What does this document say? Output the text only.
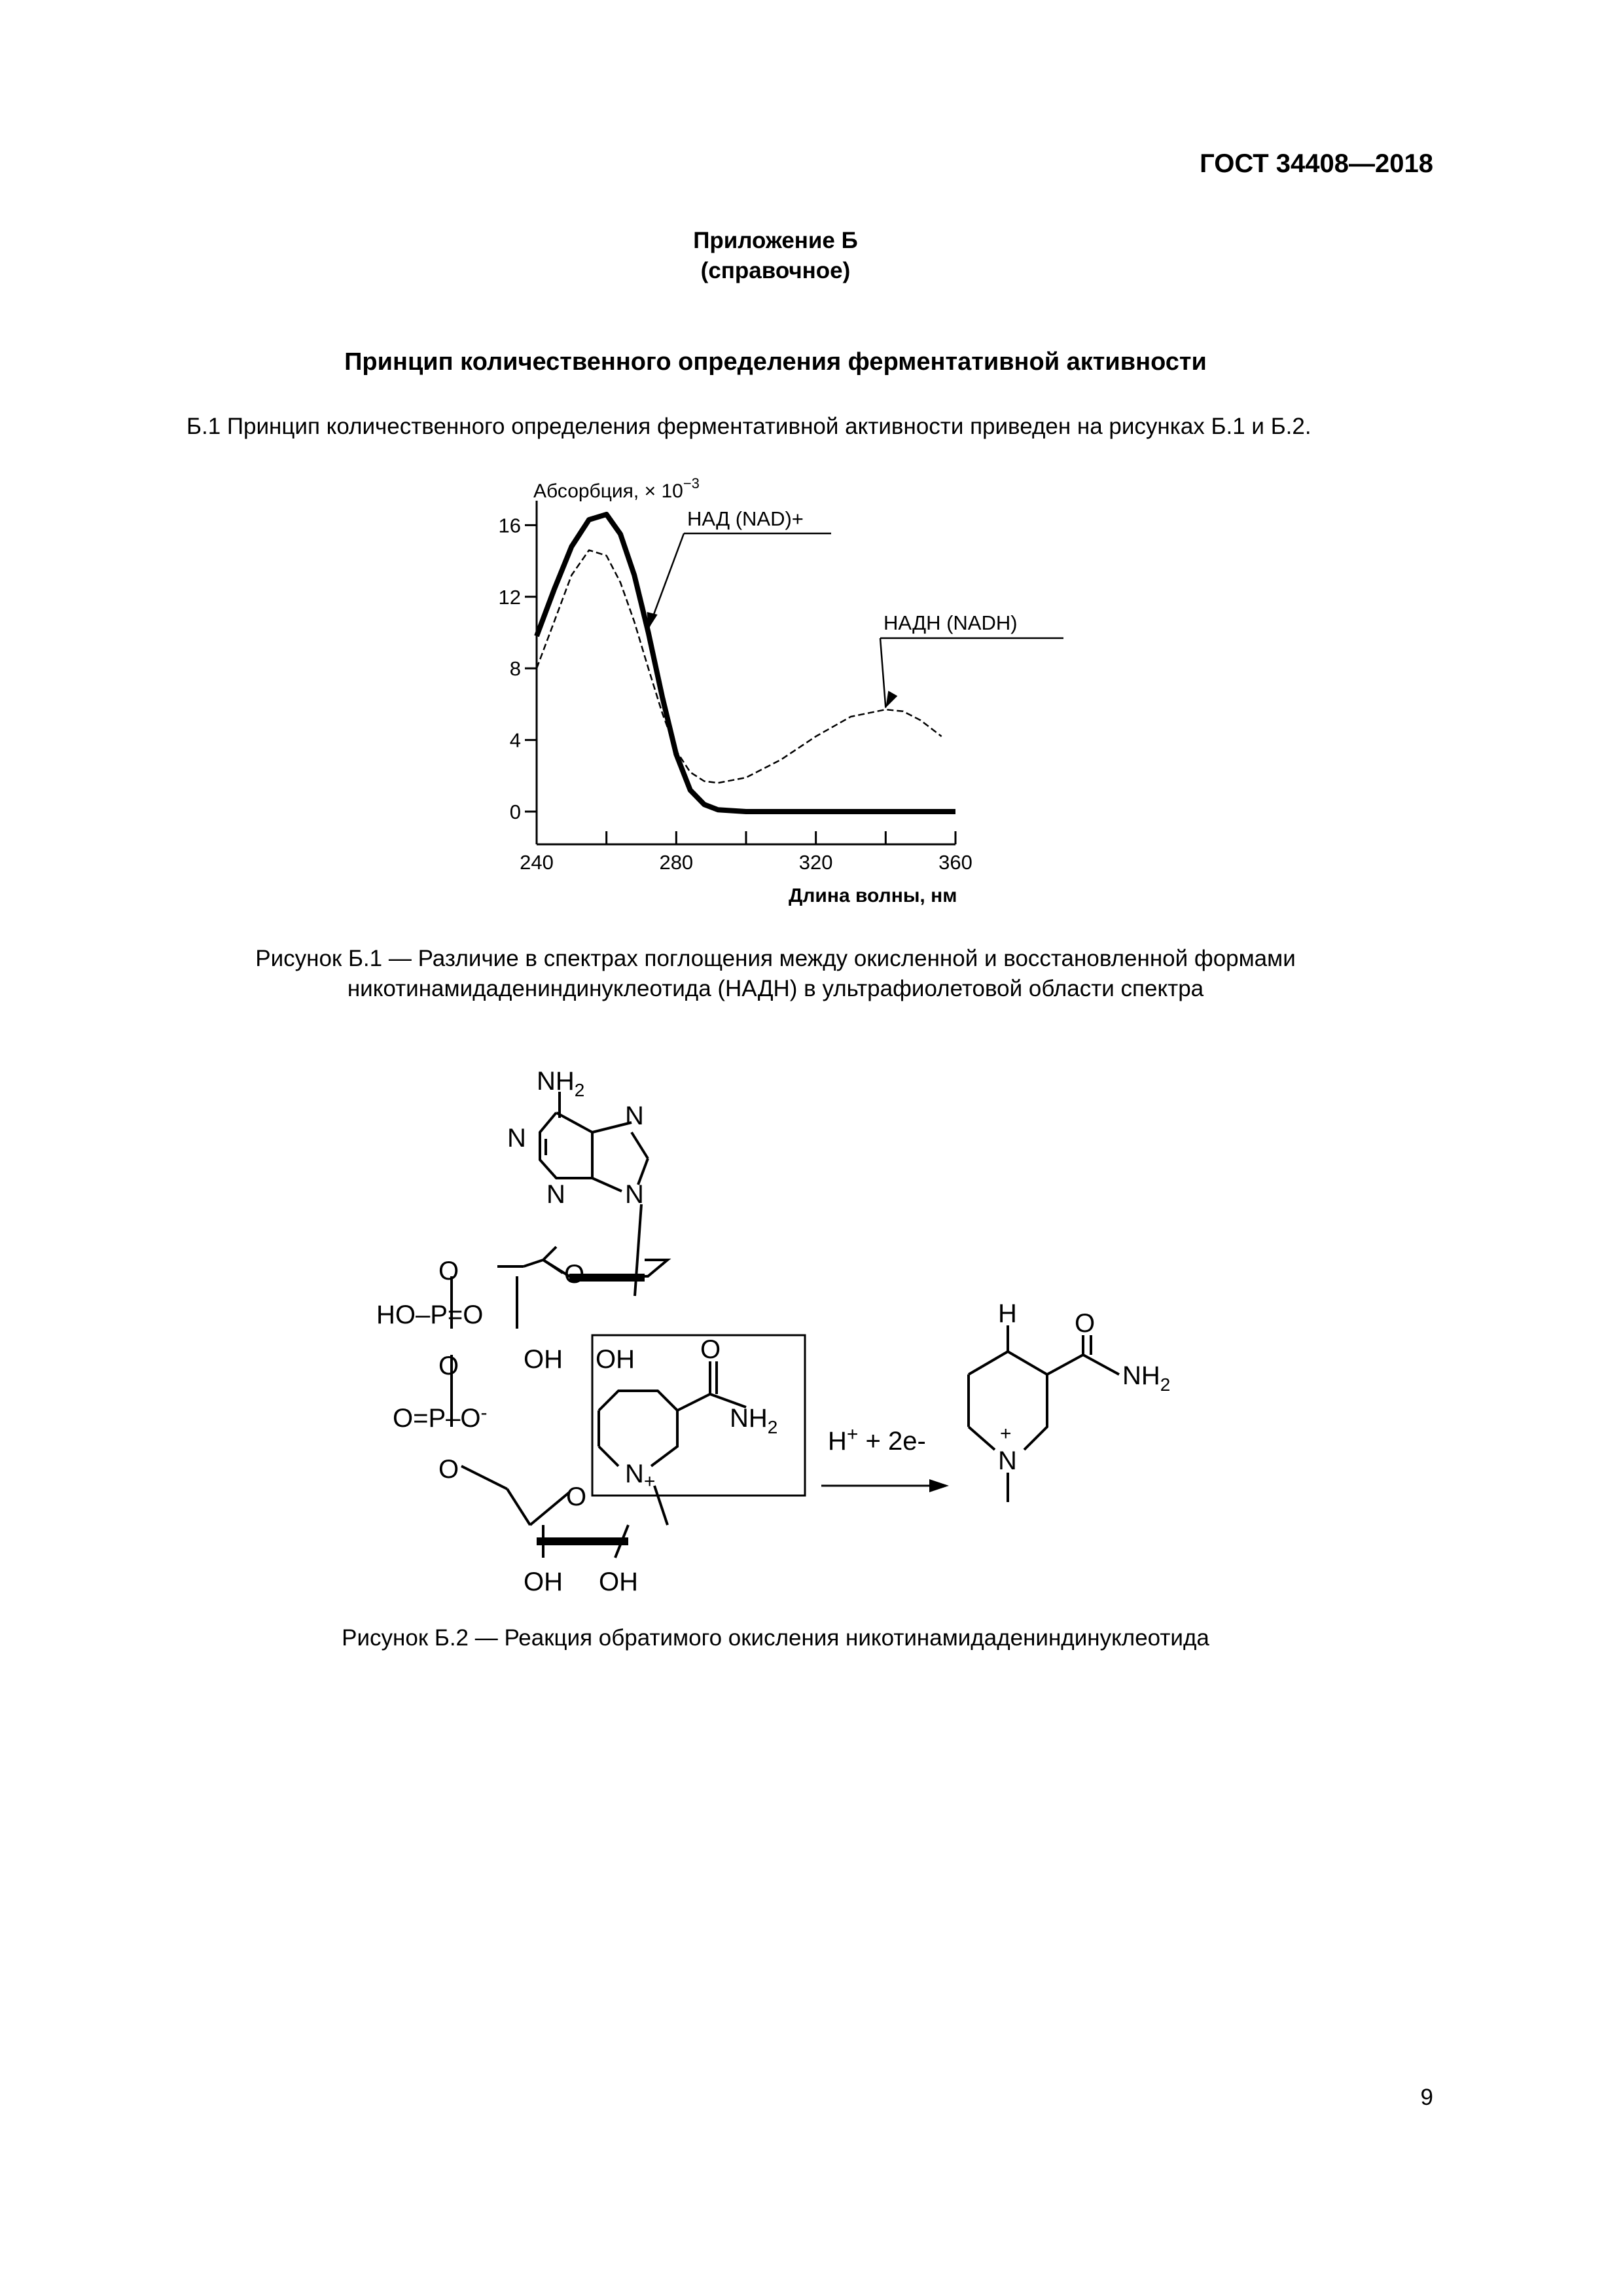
ГОСТ 34408—2018
Приложение Б
(справочное)
Принцип количественного определения ферментативной активности
Б.1 Принцип количественного определения ферментативной активности приведен на рисунках Б.1 и Б.2.
0
4
8
12
16
240	280	320	360
Абсорбция, × $10^{-3}$
Длина волны, нм
НАД (NAD)+
НАДН (NADH)
Рисунок Б.1 — Различие в спектрах поглощения между окисленной и восстановленной формами
никотинамидадениндинуклеотида (НАДН) в ультрафиолетовой области спектра
$NH_2$
N
N
N N
O
O
HO–P=O
O
O=P–O-
O
O
OH OH
OH OH
O
$NH_2$
$N_+$
H+ + 2e-
H O
$NH_2$
+
N
Рисунок Б.2 — Реакция обратимого окисления никотинамидадениндинуклеотида
9
